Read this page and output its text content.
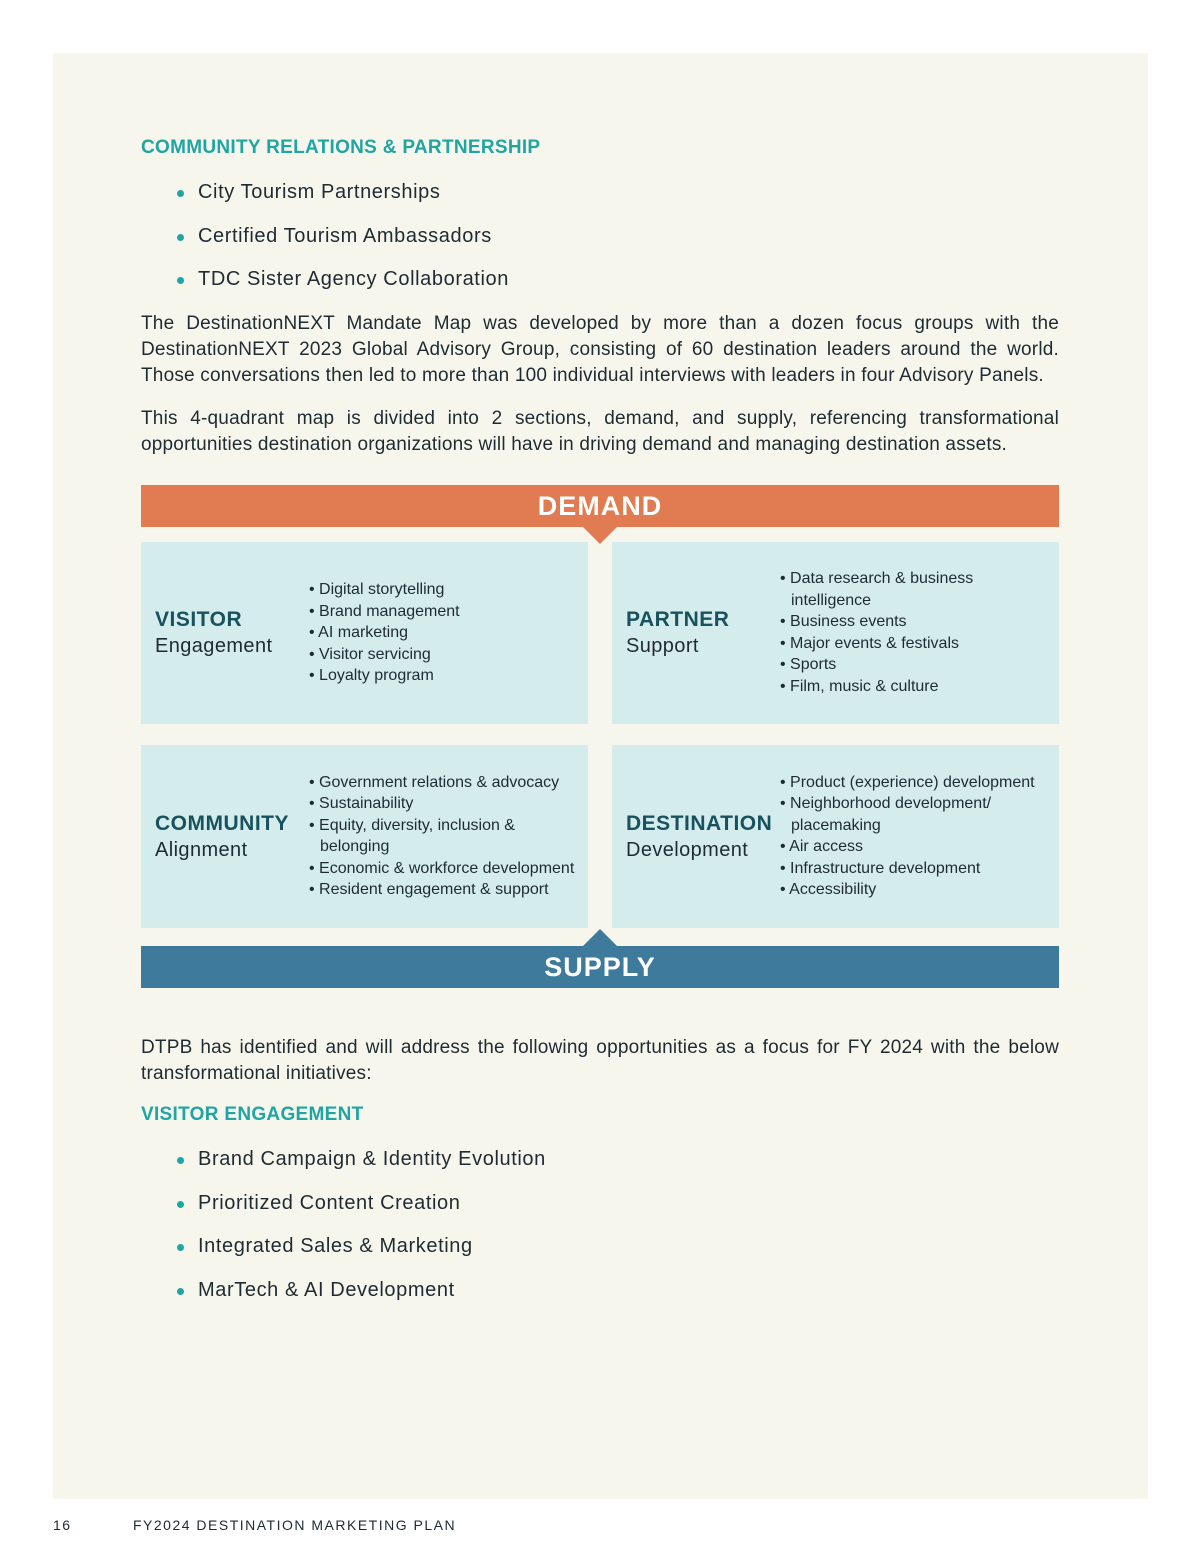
COMMUNITY RELATIONS & PARTNERSHIP
City Tourism Partnerships
Certified Tourism Ambassadors
TDC Sister Agency Collaboration

The DestinationNEXT Mandate Map was developed by more than a dozen focus groups with the DestinationNEXT 2023 Global Advisory Group, consisting of 60 destination leaders around the world. Those conversations then led to more than 100 individual interviews with leaders in four Advisory Panels.

This 4-quadrant map is divided into 2 sections, demand, and supply, referencing transformational opportunities destination organizations will have in driving demand and managing destination assets.

DEMAND
VISITOR
Engagement
• Digital storytelling
• Brand management
• AI marketing
• Visitor servicing
• Loyalty program
PARTNER
Support
• Data research & business intelligence
• Business events
• Major events & festivals
• Sports
• Film, music & culture
COMMUNITY
Alignment
• Government relations & advocacy
• Sustainability
• Equity, diversity, inclusion & belonging
• Economic & workforce development
• Resident engagement & support
DESTINATION
Development
• Product (experience) development
• Neighborhood development/ placemaking
• Air access
• Infrastructure development
• Accessibility
SUPPLY

DTPB has identified and will address the following opportunities as a focus for FY 2024 with the below transformational initiatives:

VISITOR ENGAGEMENT
Brand Campaign & Identity Evolution
Prioritized Content Creation
Integrated Sales & Marketing
MarTech & AI Development
16	FY2024 DESTINATION MARKETING PLAN
